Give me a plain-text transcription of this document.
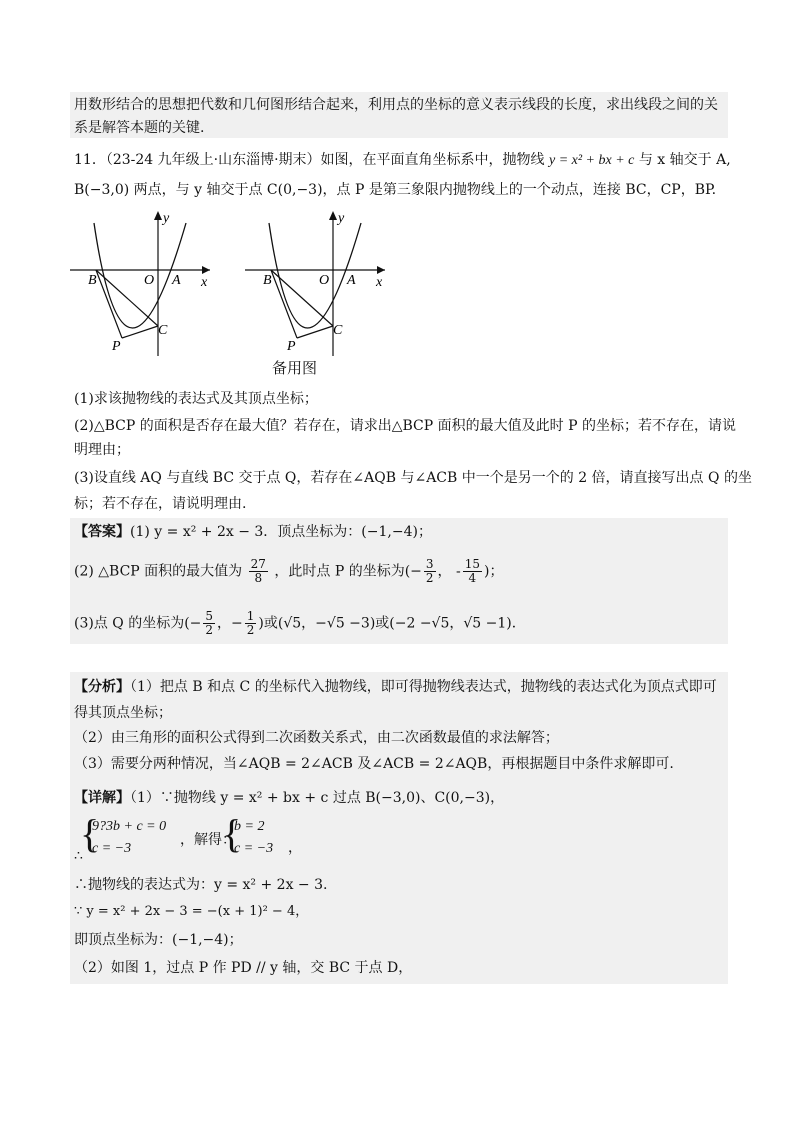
用数形结合的思想把代数和几何图形结合起来，利用点的坐标的意义表示线段的长度，求出线段之间的关
系是解答本题的关键.
11．（23-24 九年级上·山东淄博·期末）如图，在平面直角坐标系中，抛物线 y = x² + bx + c 与 x 轴交于 A,
B(−3,0) 两点，与 y 轴交于点 C(0,−3)，点 P 是第三象限内抛物线上的一个动点，连接 BC，CP，BP.
y
x
O A
B
C
P
y
x
O A
B
C
P
备用图
(1)求该抛物线的表达式及其顶点坐标；
(2)△BCP 的面积是否存在最大值？若存在，请求出△BCP 面积的最大值及此时 P 的坐标；若不存在，请说
明理由；
(3)设直线 AQ 与直线 BC 交于点 Q，若存在∠AQB 与∠ACB 中一个是另一个的 2 倍，请直接写出点 Q 的坐
标；若不存在，请说明理由.
【答案】(1) y = x² + 2x − 3．顶点坐标为：(−1,−4)；
(2) △BCP 面积的最大值为 $\frac{27}{8}$ ，此时点 P 的坐标为(− $\frac{3}{2}$ ， - $\frac{15}{4}$ )；
(3)点 Q 的坐标为(− $\frac{5}{2}$ ，− $\frac{1}{2}$ )或(√5，−√5 −3)或(−2 −√5，√5 −1)．
【分析】（1）把点 B 和点 C 的坐标代入抛物线，即可得抛物线表达式，抛物线的表达式化为顶点式即可
得其顶点坐标；
（2）由三角形的面积公式得到二次函数关系式，由二次函数最值的求法解答；
（3）需要分两种情况，当∠AQB = 2∠ACB 及∠ACB = 2∠AQB，再根据题目中条件求解即可.
【详解】（1）∵抛物线 y = x² + bx + c 过点 B(−3,0)、C(0,−3)，
{
9?3b + c = 0
c = −3
∴
，解得：
{
b = 2
c = −3 ，
∴抛物线的表达式为：y = x² + 2x − 3.
∵ y = x² + 2x − 3 = −(x + 1)² − 4，
即顶点坐标为：(−1,−4)；
（2）如图 1，过点 P 作 PD // y 轴，交 BC 于点 D，
